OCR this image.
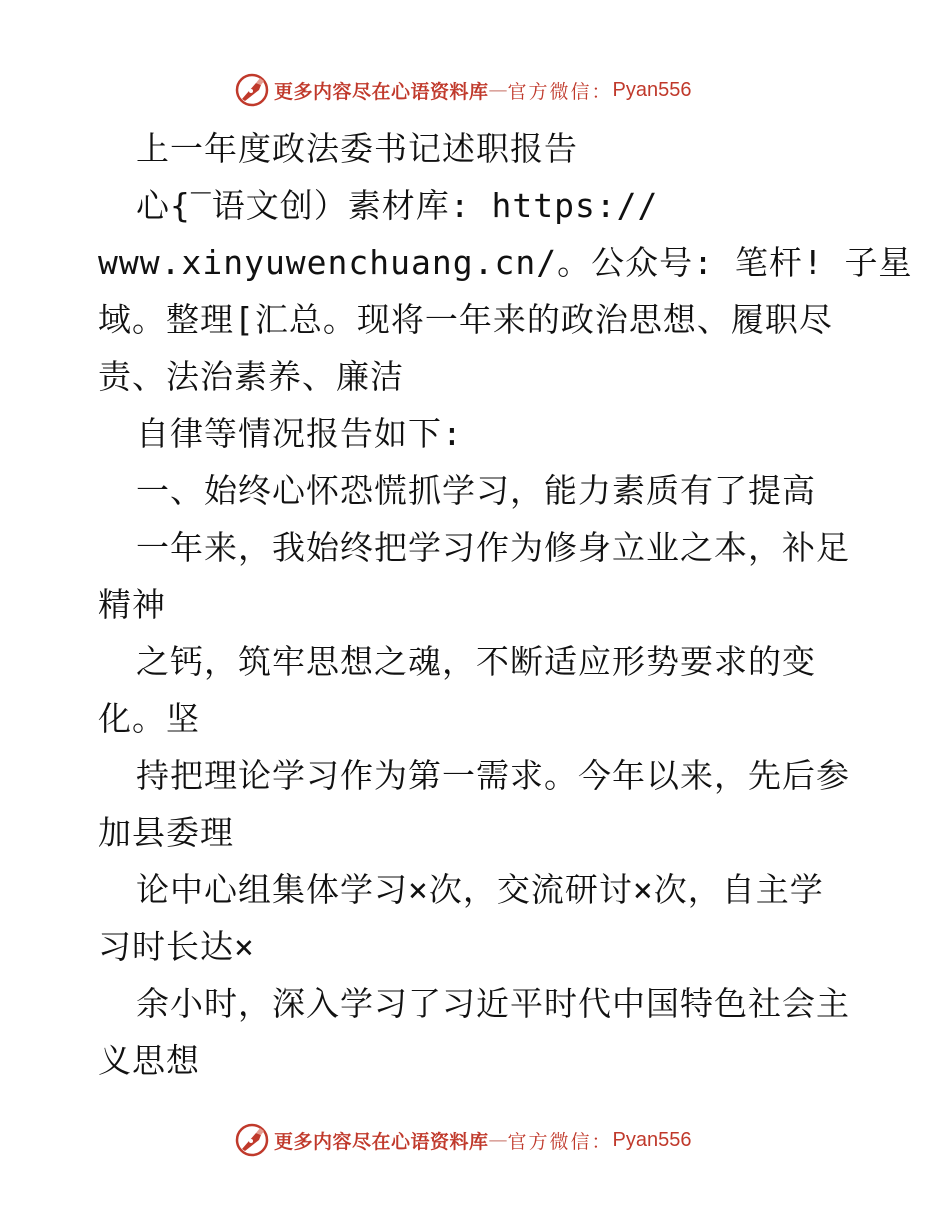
更多内容尽在心语资料库 — 官方微信： Pyan556
上一年度政法委书记述职报告
心{‾语文创）素材库: https://
www.xinyuwenchuang.cn/。公众号: 笔杆! 子星
域。整理[汇总。现将一年来的政治思想、履职尽
责、法治素养、廉洁
自律等情况报告如下:
一、始终心怀恐慌抓学习，能力素质有了提高
一年来，我始终把学习作为修身立业之本，补足
精神
之钙，筑牢思想之魂，不断适应形势要求的变
化。坚
持把理论学习作为第一需求。今年以来，先后参
加县委理
论中心组集体学习×次，交流研讨×次，自主学
习时长达×
余小时，深入学习了习近平时代中国特色社会主
义思想
更多内容尽在心语资料库 — 官方微信： Pyan556
